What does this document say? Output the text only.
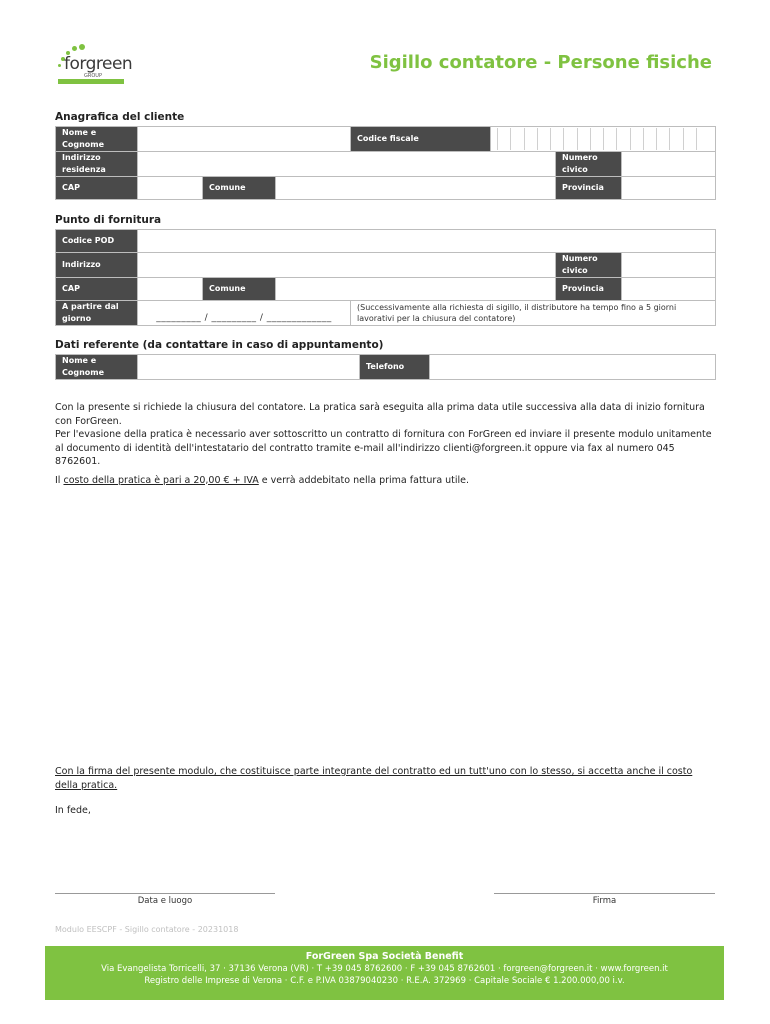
forgreen
GROUP
Sigillo contatore - Persone fisiche
Anagrafica del cliente
Nome e Cognome				Codice fiscale			

Indirizzo residenza						Numero civico	
CAP		Comune				Provincia	
Punto di fornitura
Codice POD						
Indirizzo					Numero civico	
CAP		Comune			Provincia	
A partire dal giorno	_________ / _________ / _____________			(Successivamente alla richiesta di sigillo, il distributore ha tempo fino a 5 giorni lavorativi per la chiusura del contatore)		
Dati referente (da contattare in caso di appuntamento)
Nome e Cognome		Telefono	

Con la presente si richiede la chiusura del contatore. La pratica sarà eseguita alla prima data utile successiva alla data di inizio fornitura con ForGreen.

Per l'evasione della pratica è necessario aver sottoscritto un contratto di fornitura con ForGreen ed inviare il presente modulo unitamente al documento di identità dell'intestatario del contratto tramite e-mail all'indirizzo clienti@forgreen.it oppure via fax al numero 045 8762601.

Il costo della pratica è pari a 20,00 € + IVA e verrà addebitato nella prima fattura utile.

Con la firma del presente modulo, che costituisce parte integrante del contratto ed un tutt'uno con lo stesso, si accetta anche il costo della pratica.

In fede,

Data e luogo	Firma
Modulo EESCPF - Sigillo contatore - 20231018
ForGreen Spa Società Benefit
Via Evangelista Torricelli, 37 · 37136 Verona (VR) · T +39 045 8762600 · F +39 045 8762601 · forgreen@forgreen.it · www.forgreen.it
Registro delle Imprese di Verona · C.F. e P.IVA 03879040230 · R.E.A. 372969 · Capitale Sociale € 1.200.000,00 i.v.
